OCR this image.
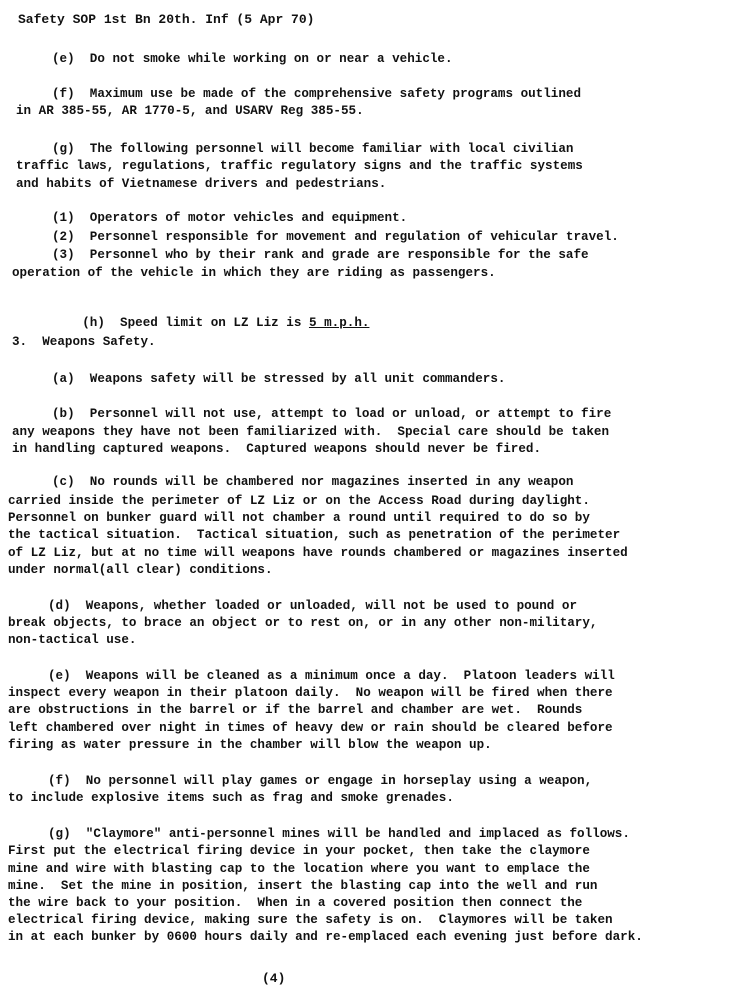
Safety SOP 1st Bn 20th. Inf (5 Apr 70)
(e)  Do not smoke while working on or near a vehicle.
(f)  Maximum use be made of the comprehensive safety programs outlined
in AR 385-55, AR 1770-5, and USARV Reg 385-55.
(g)  The following personnel will become familiar with local civilian
traffic laws, regulations, traffic regulatory signs and the traffic systems
and habits of Vietnamese drivers and pedestrians.
(1)  Operators of motor vehicles and equipment.
(2)  Personnel responsible for movement and regulation of vehicular travel.
(3)  Personnel who by their rank and grade are responsible for the safe
operation of the vehicle in which they are riding as passengers.

(h)  Speed limit on LZ Liz is 5 m.p.h.

3.  Weapons Safety.
(a)  Weapons safety will be stressed by all unit commanders.
(b)  Personnel will not use, attempt to load or unload, or attempt to fire
any weapons they have not been familiarized with.  Special care should be taken
in handling captured weapons.  Captured weapons should never be fired.
(c)  No rounds will be chambered nor magazines inserted in any weapon
carried inside the perimeter of LZ Liz or on the Access Road during daylight.
Personnel on bunker guard will not chamber a round until required to do so by
the tactical situation.  Tactical situation, such as penetration of the perimeter
of LZ Liz, but at no time will weapons have rounds chambered or magazines inserted
under normal(all clear) conditions.
(d)  Weapons, whether loaded or unloaded, will not be used to pound or
break objects, to brace an object or to rest on, or in any other non-military,
non-tactical use.
(e)  Weapons will be cleaned as a minimum once a day.  Platoon leaders will
inspect every weapon in their platoon daily.  No weapon will be fired when there
are obstructions in the barrel or if the barrel and chamber are wet.  Rounds
left chambered over night in times of heavy dew or rain should be cleared before
firing as water pressure in the chamber will blow the weapon up.
(f)  No personnel will play games or engage in horseplay using a weapon,
to include explosive items such as frag and smoke grenades.
(g)  "Claymore" anti-personnel mines will be handled and implaced as follows.
First put the electrical firing device in your pocket, then take the claymore
mine and wire with blasting cap to the location where you want to emplace the
mine.  Set the mine in position, insert the blasting cap into the well and run
the wire back to your position.  When in a covered position then connect the
electrical firing device, making sure the safety is on.  Claymores will be taken
in at each bunker by 0600 hours daily and re-emplaced each evening just before dark.
(4)
